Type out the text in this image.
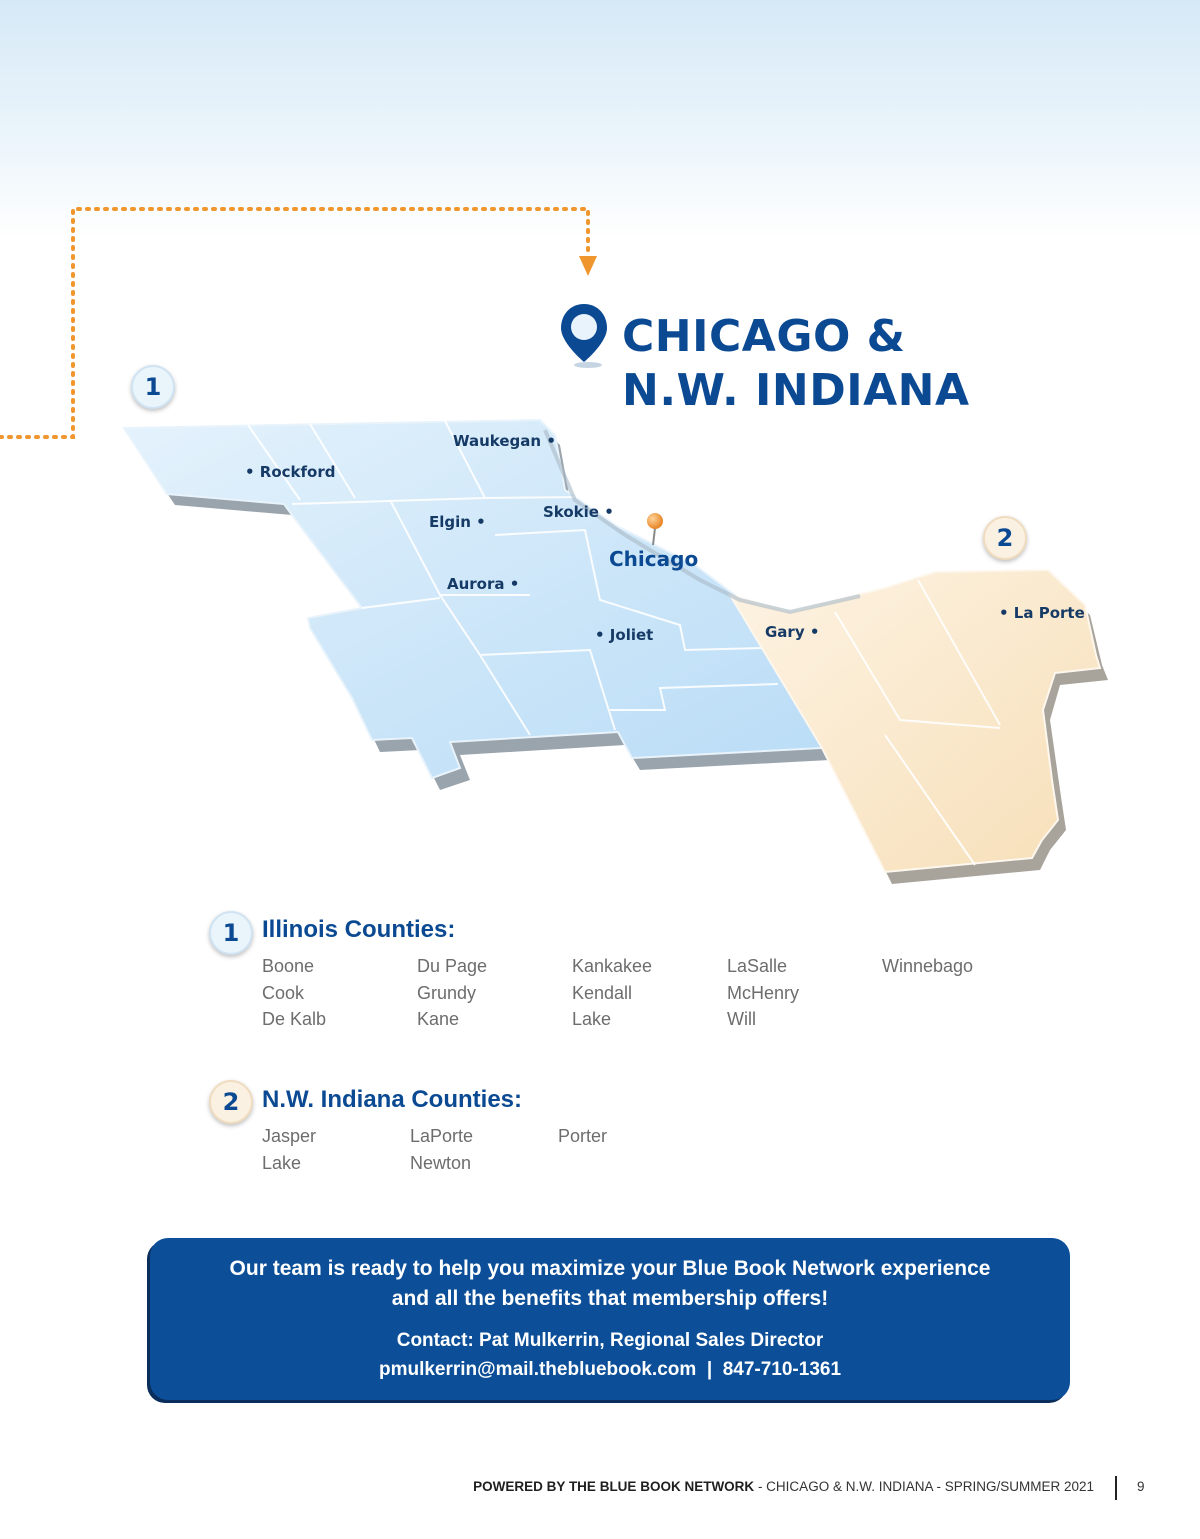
CHICAGO &
N.W. INDIANA
1
2
Waukegan •
• Rockford
Elgin •
Skokie •
Chicago
Aurora •
• Joliet	Gary •
• La Porte
1 Illinois Counties:
Boone
Cook
De Kalb
Du Page
Grundy
Kane
Kankakee
Kendall
Lake
LaSalle
McHenry
Will
Winnebago
2 N.W. Indiana Counties:
Jasper
Lake
LaPorte
Newton
Porter
Our team is ready to help you maximize your Blue Book Network experience
and all the benefits that membership offers!
Contact: Pat Mulkerrin, Regional Sales Director
pmulkerrin@mail.thebluebook.com  |  847-710-1361
POWERED BY THE BLUE BOOK NETWORK - CHICAGO & N.W. INDIANA - SPRING/SUMMER 2021	9
